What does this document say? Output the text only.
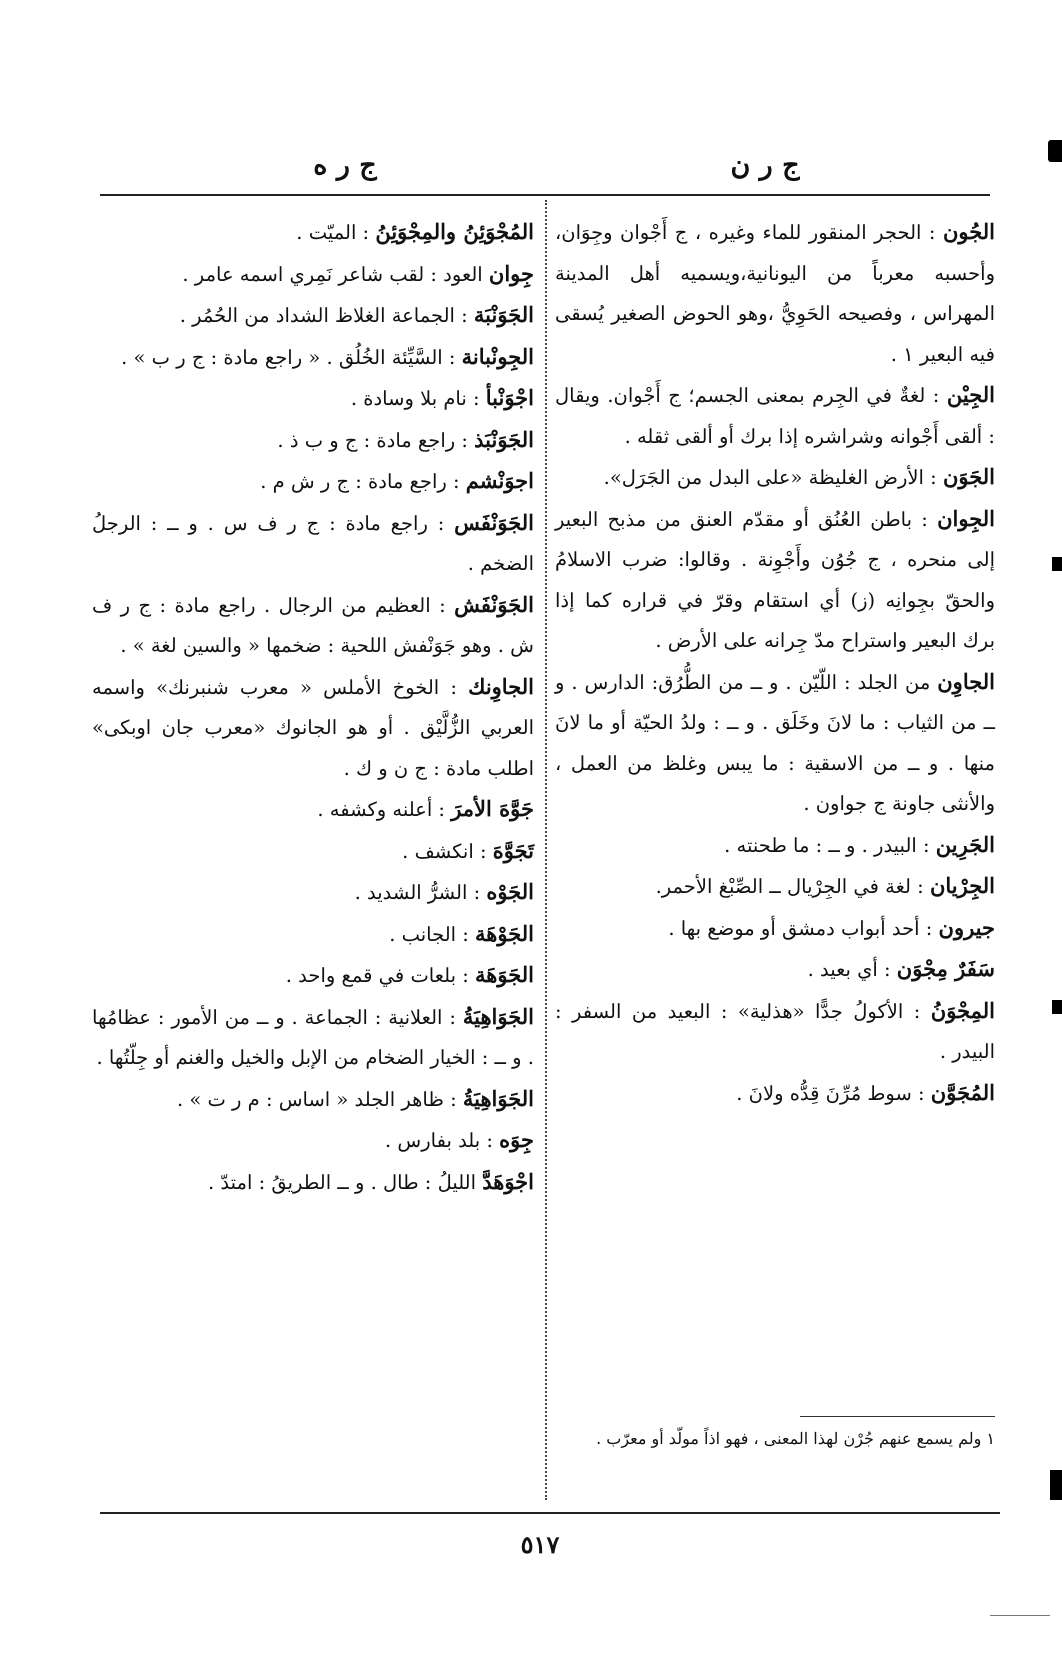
ج ر ن
ج ر ه

الجُون : الحجر المنقور للماء وغيره ، ج أَجْوان وجِوَان، وأحسبه معرباً من اليونانية،ويسميه أهل المدينة المهراس ، وفصيحه الحَوِيُّ ،وهو الحوض الصغير يُسقى فيه البعير ١ .

الجِيْن : لغةٌ في الجِرم بمعنى الجسم؛ ج أَجْوان. ويقال : ألقى أَجْوانه وشراشره إذا برك أو ألقى ثقله .

الجَوَن : الأرض الغليظة «على البدل من الجَرَل».

الجِوان : باطن العُنُق أو مقدّم العنق من مذبح البعير إلى منحره ، ج جُوُن وأَجْوِنة . وقالوا: ضرب الاسلامُ والحقّ بجِوانِه (ز) أي استقام وقرّ في قراره كما إذا برك البعير واستراح مدّ جِرانه على الأرض .

الجاوِن من الجلد : اللّيّن . و ــ من الطُّرُق: الدارس . و ــ من الثياب : ما لانَ وخَلَق . و ــ : ولدُ الحيّة أو ما لانَ منها . و ــ من الاسقية : ما يبس وغلظ من العمل ، والأنثى جاونة ج جواون .

الجَرِين : البيدر . و ــ : ما طحنته .

الجِرْيان : لغة في الجِرْيال ــ الصِّبْغ الأحمر.

جيرون : أحد أبواب دمشق أو موضع بها .

سَفَرٌ مِجْوَن : أي بعيد .

المِجْوَنُ : الأكولُ جدًّا «هذلية» : البعيد من السفر : البيدر .

المُجَوَّن : سوط مُرِّنَ قِدُّه ولانَ .

المُجْوَئِنُ والمِجْوَئِنُ : الميّت .

جِوان العود : لقب شاعر نَمِري اسمه عامر .

الجَوَنْبَة : الجماعة الغلاظ الشداد من الحُمُر .

الجِونْبانة : السَّيِّئة الخُلُق . « راجع مادة : ج ر ب » .

اجْوَنْبأ : نام بلا وسادة .

الجَوَنْبَذ : راجع مادة : ج و ب ذ .

اجوَنْشم : راجع مادة : ج ر ش م .

الجَوَنْفَس : راجع مادة : ج ر ف س . و ــ : الرجلُ الضخم .

الجَوَنْفَش : العظيم من الرجال . راجع مادة : ج ر ف ش . وهو جَوَنْفش اللحية : ضخمها « والسين لغة » .

الجاوِنك : الخوخ الأملس « معرب شنبرنك» واسمه العربي الزُّلَّيْق . أو هو الجانوك «معرب جان اوبكى» اطلب مادة : ج ن و ك .

جَوَّهَ الأمرَ : أعلنه وكشفه .

تَجَوَّهَ : انكشف .

الجَوْه : الشرُّ الشديد .

الجَوْهَة : الجانب .

الجَوَهَة : بلعات في قمع واحد .

الجَوَاهِيَةُ : العلانية : الجماعة . و ــ من الأمور : عظامُها . و ــ : الخيار الضخام من الإبل والخيل والغنم أو جِلّتُها .

الجَوَاهِيَةُ : ظاهر الجلد « اساس : م ر ت » .

جِوَه : بلد بفارس .

اجْوَهَدَّ الليلُ : طال . و ــ الطريقُ : امتدّ .

١ ولم يسمع عنهم جُرْن لهذا المعنى ، فهو اذاً مولّد أو معرّب .
٥١٧
